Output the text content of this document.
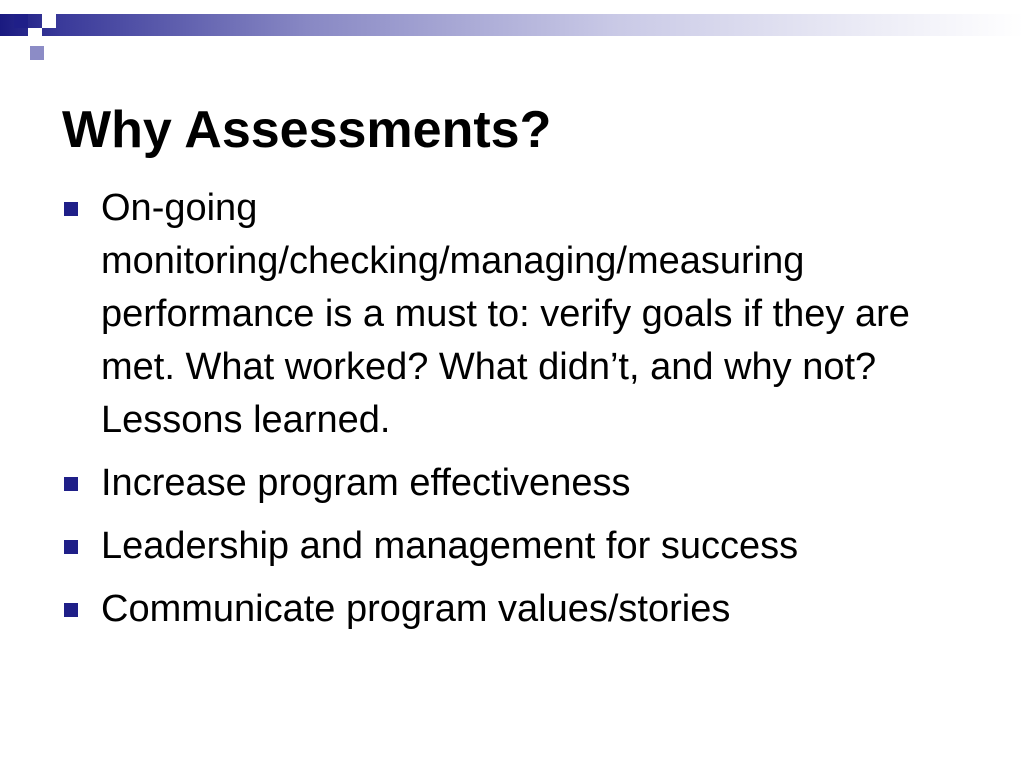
Why Assessments?
On-going monitoring/checking/managing/measuring performance is a must to: verify goals if they are met. What worked? What didn’t, and why not? Lessons learned.
Increase program effectiveness
Leadership and management for success
Communicate program values/stories
